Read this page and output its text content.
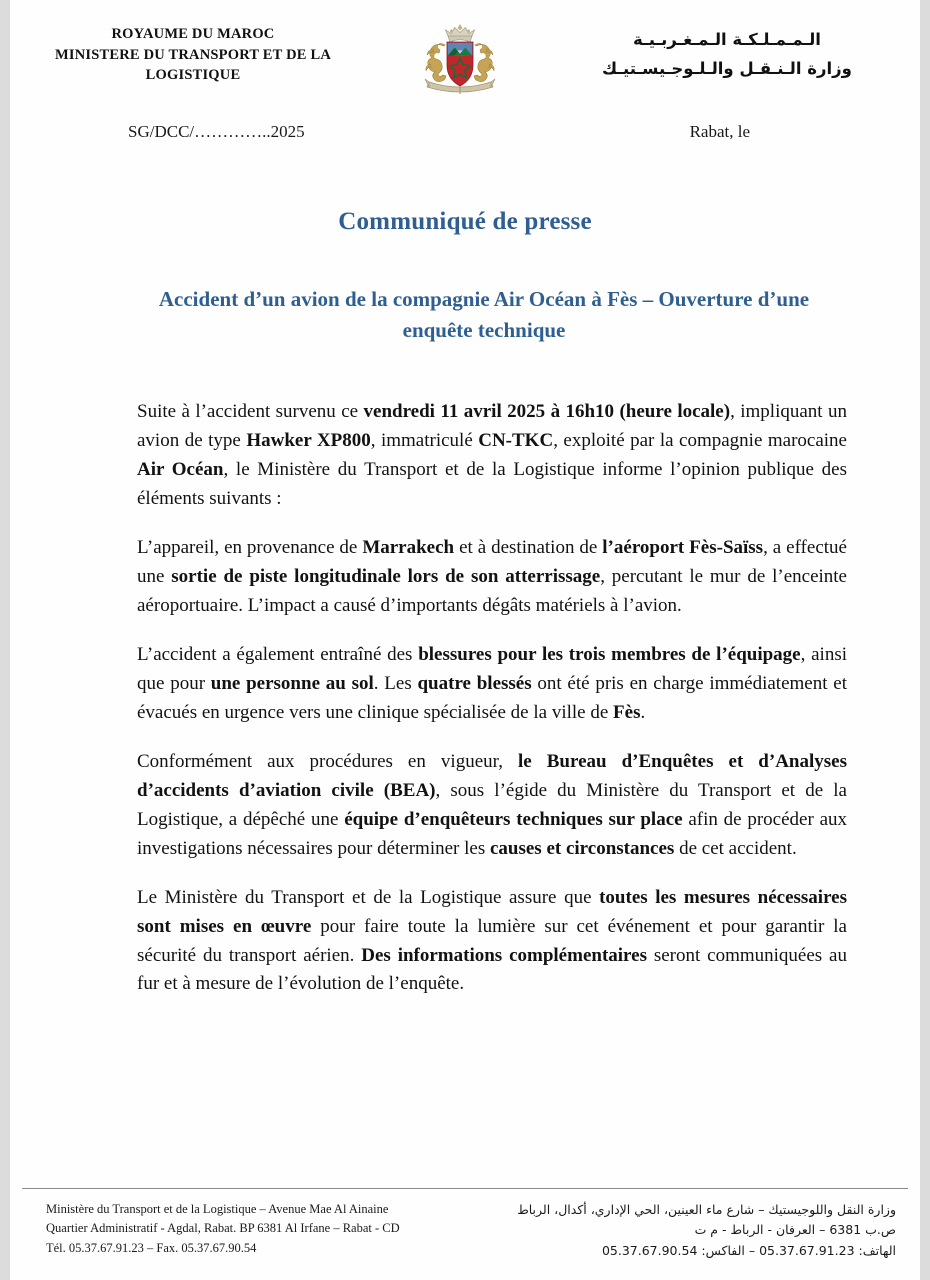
ROYAUME DU MAROC
MINISTERE DU TRANSPORT ET DE LA
LOGISTIQUE
الـمـمـلـكـة الـمـغـربـيـة
وزارة الـنـقـل والـلـوجـيسـتيـك
SG/DCC/…………..2025	Rabat, le
Communiqué de presse
Accident d’un avion de la compagnie Air Océan à Fès – Ouverture d’une enquête technique

Suite à l’accident survenu ce vendredi 11 avril 2025 à 16h10 (heure locale), impliquant un avion de type Hawker XP800, immatriculé CN-TKC, exploité par la compagnie marocaine Air Océan, le Ministère du Transport et de la Logistique informe l’opinion publique des éléments suivants :

L’appareil, en provenance de Marrakech et à destination de l’aéroport Fès-Saïss, a effectué une sortie de piste longitudinale lors de son atterrissage, percutant le mur de l’enceinte aéroportuaire. L’impact a causé d’importants dégâts matériels à l’avion.

L’accident a également entraîné des blessures pour les trois membres de l’équipage, ainsi que pour une personne au sol. Les quatre blessés ont été pris en charge immédiatement et évacués en urgence vers une clinique spécialisée de la ville de Fès.

Conformément aux procédures en vigueur, le Bureau d’Enquêtes et d’Analyses d’accidents d’aviation civile (BEA), sous l’égide du Ministère du Transport et de la Logistique, a dépêché une équipe d’enquêteurs techniques sur place afin de procéder aux investigations nécessaires pour déterminer les causes et circonstances de cet accident.

Le Ministère du Transport et de la Logistique assure que toutes les mesures nécessaires sont mises en œuvre pour faire toute la lumière sur cet événement et pour garantir la sécurité du transport aérien. Des informations complémentaires seront communiquées au fur et à mesure de l’évolution de l’enquête.

Ministère du Transport et de la Logistique – Avenue Mae Al Ainaine
Quartier Administratif - Agdal, Rabat. BP 6381 Al Irfane – Rabat - CD
Tél. 05.37.67.91.23 – Fax. 05.37.67.90.54
وزارة النقل واللوجيستيك – شارع ماء العينين، الحي الإداري، أكدال، الرباط
ص.ب 6381 – العرفان - الرباط - م ت
الهاتف: 05.37.67.91.23 – الفاكس: 05.37.67.90.54
